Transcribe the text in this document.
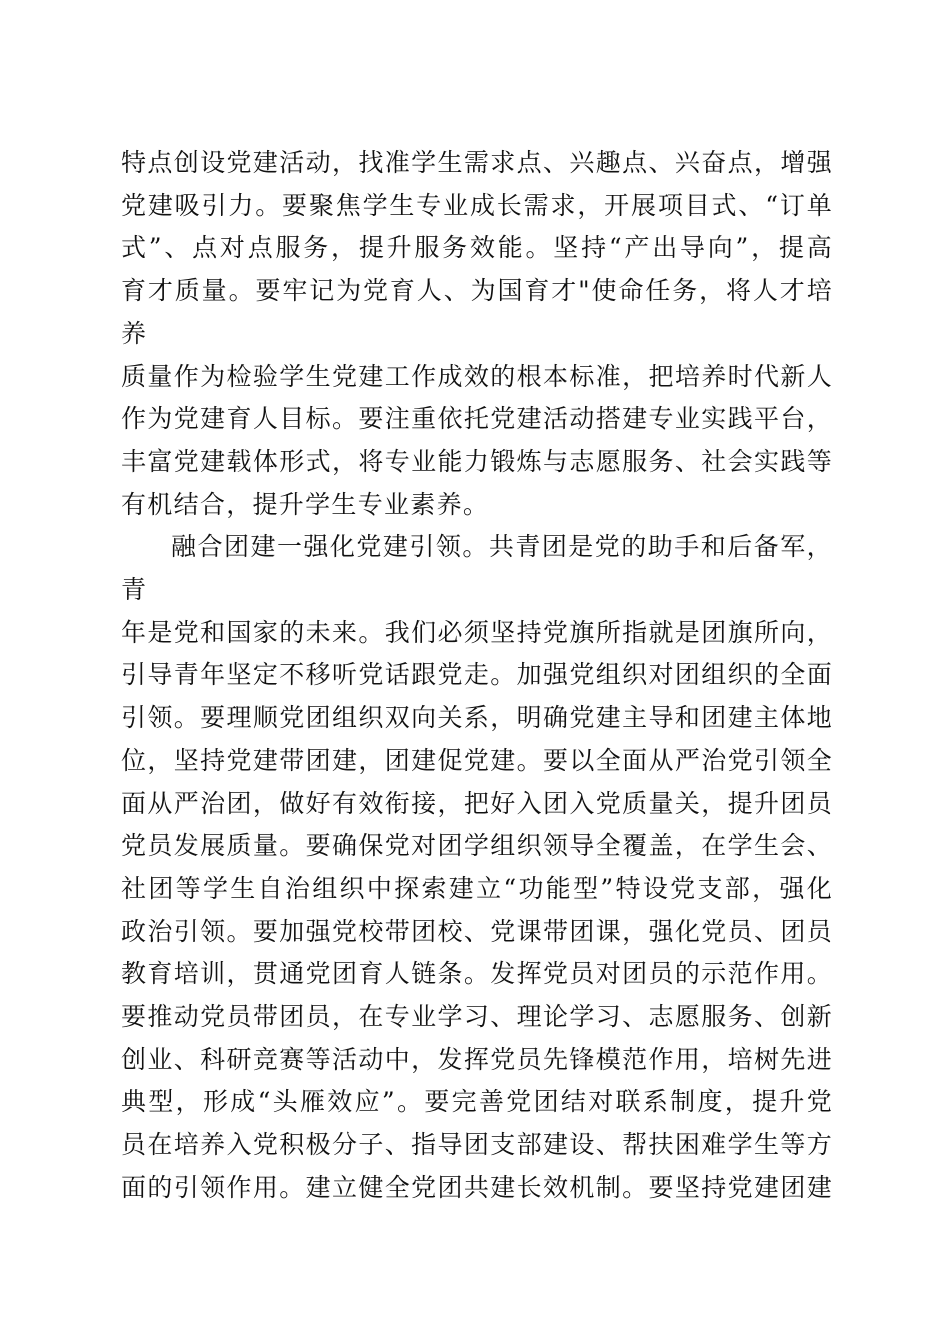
特点创设党建活动，找准学生需求点、兴趣点、兴奋点，增强
党建吸引力。要聚焦学生专业成长需求，开展项目式、“订单
式”、点对点服务，提升服务效能。坚持“产出导向”，提高
育才质量。要牢记为党育人、为国育才"使命任务，将人才培养
质量作为检验学生党建工作成效的根本标准，把培养时代新人
作为党建育人目标。要注重依托党建活动搭建专业实践平台，
丰富党建载体形式，将专业能力锻炼与志愿服务、社会实践等
有机结合，提升学生专业素养。
融合团建一强化党建引领。共青团是党的助手和后备军，青
年是党和国家的未来。我们必须坚持党旗所指就是团旗所向，
引导青年坚定不移听党话跟党走。加强党组织对团组织的全面
引领。要理顺党团组织双向关系，明确党建主导和团建主体地
位，坚持党建带团建，团建促党建。要以全面从严治党引领全
面从严治团，做好有效衔接，把好入团入党质量关，提升团员
党员发展质量。要确保党对团学组织领导全覆盖，在学生会、
社团等学生自治组织中探索建立“功能型”特设党支部，强化
政治引领。要加强党校带团校、党课带团课，强化党员、团员
教育培训，贯通党团育人链条。发挥党员对团员的示范作用。
要推动党员带团员，在专业学习、理论学习、志愿服务、创新
创业、科研竞赛等活动中，发挥党员先锋模范作用，培树先进
典型，形成“头雁效应”。要完善党团结对联系制度，提升党
员在培养入党积极分子、指导团支部建设、帮扶困难学生等方
面的引领作用。建立健全党团共建长效机制。要坚持党建团建
